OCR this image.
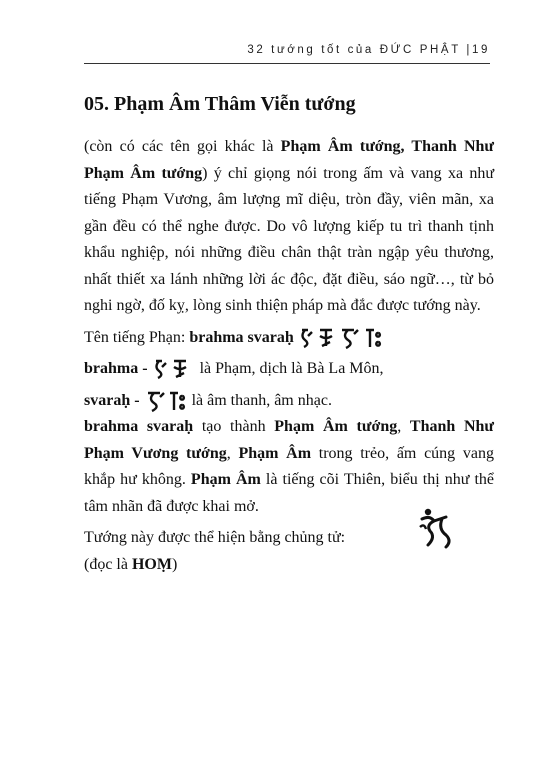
32 tướng tốt của ĐỨC PHẬT |19
05. Phạm Âm Thâm Viễn tướng

(còn có các tên gọi khác là Phạm Âm tướng, Thanh Như Phạm Âm tướng) ý chỉ giọng nói trong ấm và vang xa như tiếng Phạm Vương, âm lượng mĩ diệu, tròn đầy, viên mãn, xa gần đều có thể nghe được. Do vô lượng kiếp tu trì thanh tịnh khẩu nghiệp, nói những điều chân thật tràn ngập yêu thương, nhất thiết xa lánh những lời ác độc, đặt điều, sáo ngữ…, từ bỏ nghi ngờ, đố kỵ, lòng sinh thiện pháp mà đắc được tướng này.

Tên tiếng Phạn: brahma svaraḥ

brahma -	là Phạm, dịch là Bà La Môn,

svaraḥ -	là âm thanh, âm nhạc.

brahma svaraḥ tạo thành Phạm Âm tướng, Thanh Như Phạm Vương tướng, Phạm Âm trong trẻo, ấm cúng vang khắp hư không. Phạm Âm là tiếng cõi Thiên, biểu thị như thể tâm nhãn đã được khai mở.

Tướng này được thể hiện bằng chủng tử:

(đọc là HOṂ)
